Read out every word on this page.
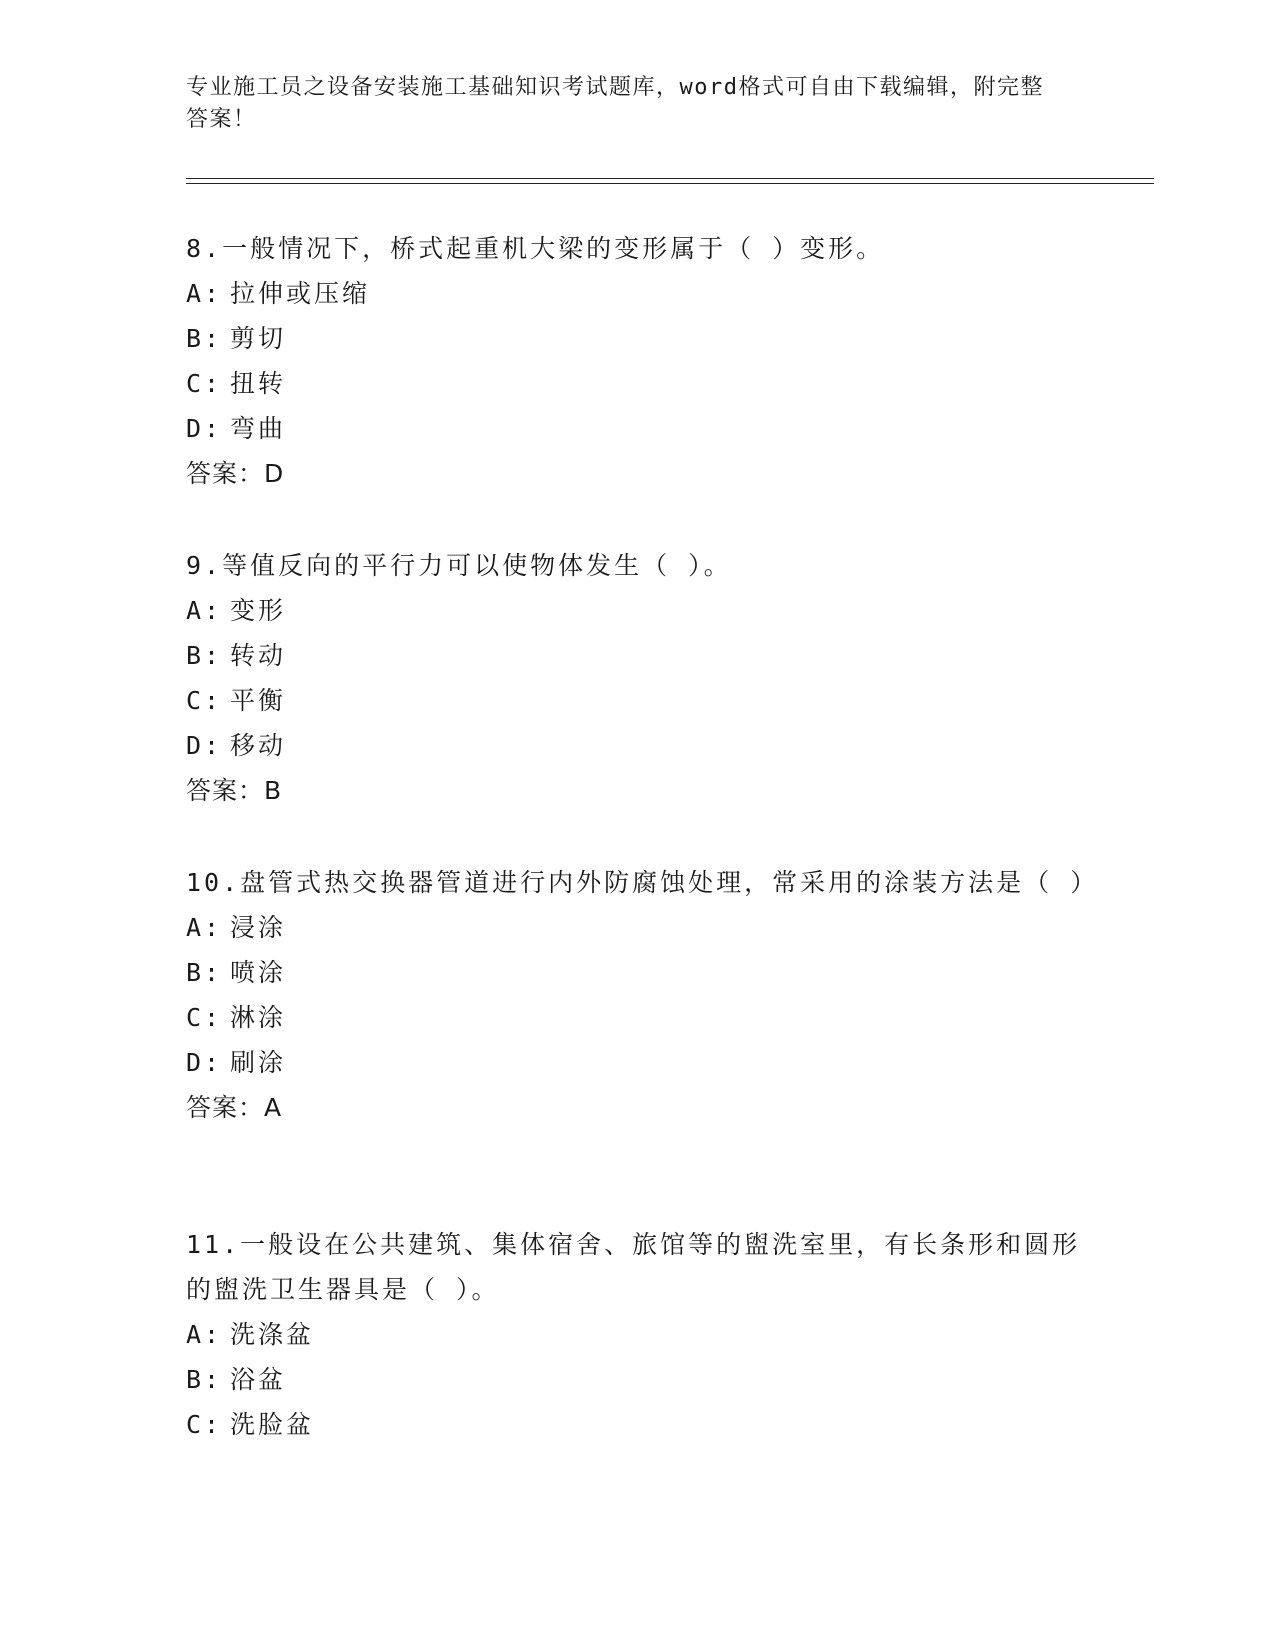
专业施工员之设备安装施工基础知识考试题库，word格式可自由下载编辑，附完整答案！

8.一般情况下，桥式起重机大梁的变形属于（ ）变形。

A: 拉伸或压缩

B: 剪切

C: 扭转

D: 弯曲

答案：D

9.等值反向的平行力可以使物体发生（ ）。

A: 变形

B: 转动

C: 平衡

D: 移动

答案：B

10.盘管式热交换器管道进行内外防腐蚀处理，常采用的涂装方法是（ ）

A: 浸涂

B: 喷涂

C: 淋涂

D: 刷涂

答案：A

11.一般设在公共建筑、集体宿舍、旅馆等的盥洗室里，有长条形和圆形的盥洗卫生器具是（ ）。

A: 洗涤盆

B: 浴盆

C: 洗脸盆
